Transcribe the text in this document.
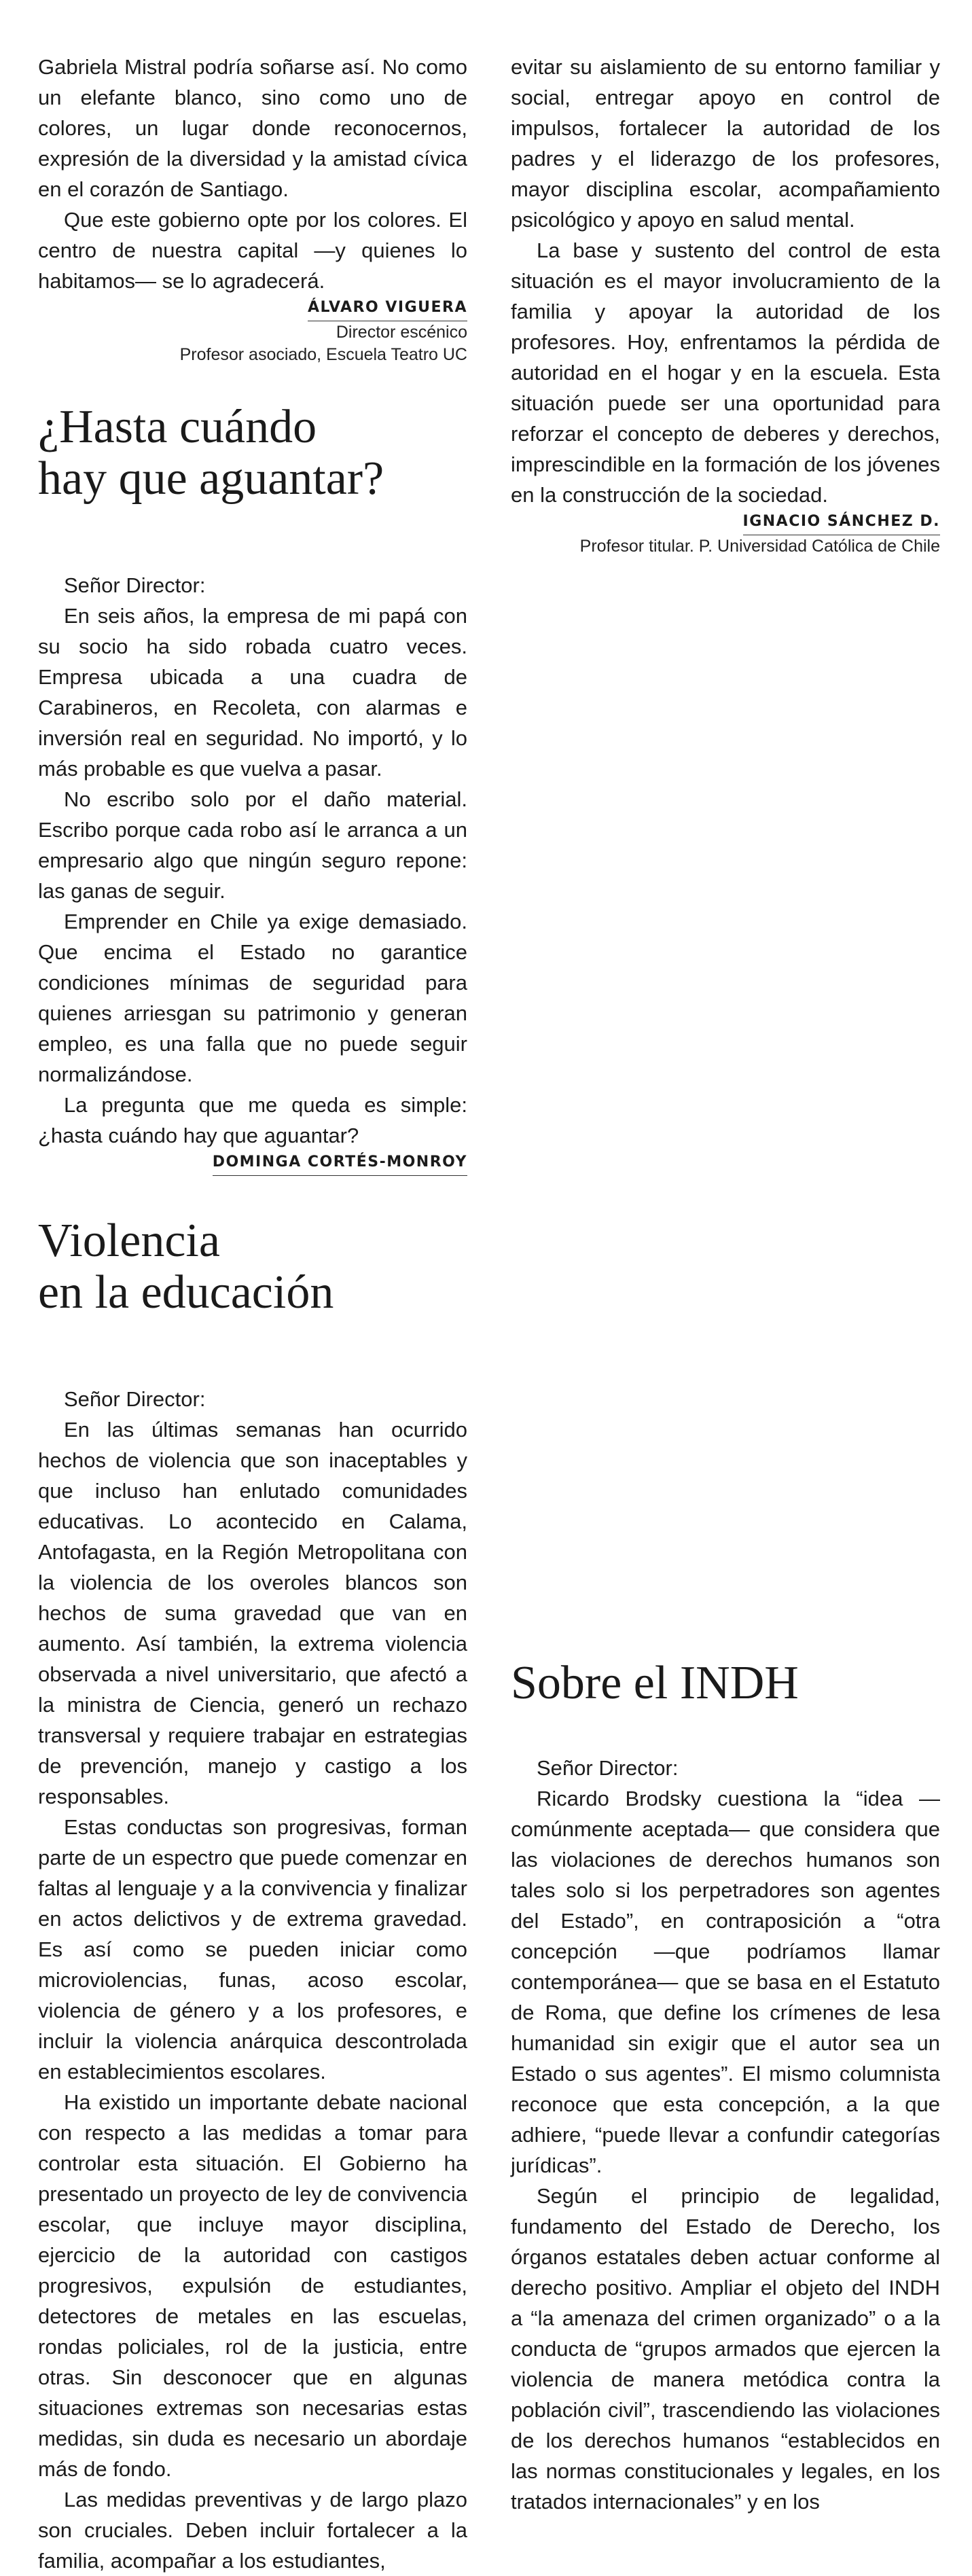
Gabriela Mistral podría soñarse así. No como un elefante blanco, sino como uno de colores, un lugar donde reconocernos, expresión de la diversidad y la amistad cívica en el corazón de Santiago.

Que este gobierno opte por los colores. El centro de nuestra capital —y quienes lo habitamos— se lo agradecerá.

ÁLVARO VIGUERA
Director escénico
Profesor asociado, Escuela Teatro UC
¿Hasta cuándo
hay que aguantar?

Señor Director:

En seis años, la empresa de mi papá con su socio ha sido robada cuatro veces. Empresa ubicada a una cuadra de Carabineros, en Recoleta, con alarmas e inversión real en seguridad. No importó, y lo más probable es que vuelva a pasar.

No escribo solo por el daño material. Escribo porque cada robo así le arranca a un empresario algo que ningún seguro repone: las ganas de seguir.

Emprender en Chile ya exige demasiado. Que encima el Estado no garantice condiciones mínimas de seguridad para quienes arriesgan su patrimonio y generan empleo, es una falla que no puede seguir normalizándose.

La pregunta que me queda es simple: ¿hasta cuándo hay que aguantar?

DOMINGA CORTÉS-MONROY
Violencia
en la educación

Señor Director:

En las últimas semanas han ocurrido hechos de violencia que son inaceptables y que incluso han enlutado comunidades educativas. Lo acontecido en Calama, Antofagasta, en la Región Metropolitana con la violencia de los overoles blancos son hechos de suma gravedad que van en aumento. Así también, la extrema violencia observada a nivel universitario, que afectó a la ministra de Ciencia, generó un rechazo transversal y requiere trabajar en estrategias de prevención, manejo y castigo a los responsables.

Estas conductas son progresivas, forman parte de un espectro que puede comenzar en faltas al lenguaje y a la convivencia y finalizar en actos delictivos y de extrema gravedad. Es así como se pueden iniciar como microviolencias, funas, acoso escolar, violencia de género y a los profesores, e incluir la violencia anárquica descontrolada en establecimientos escolares.

Ha existido un importante debate nacional con respecto a las medidas a tomar para controlar esta situación. El Gobierno ha presentado un proyecto de ley de convivencia escolar, que incluye mayor disciplina, ejercicio de la autoridad con castigos progresivos, expulsión de estudiantes, detectores de metales en las escuelas, rondas policiales, rol de la justicia, entre otras. Sin desconocer que en algunas situaciones extremas son necesarias estas medidas, sin duda es necesario un abordaje más de fondo.

Las medidas preventivas y de largo plazo son cruciales. Deben incluir fortalecer a la familia, acompañar a los estudiantes,

evitar su aislamiento de su entorno familiar y social, entregar apoyo en control de impulsos, fortalecer la autoridad de los padres y el liderazgo de los profesores, mayor disciplina escolar, acompañamiento psicológico y apoyo en salud mental.

La base y sustento del control de esta situación es el mayor involucramiento de la familia y apoyar la autoridad de los profesores. Hoy, enfrentamos la pérdida de autoridad en el hogar y en la escuela. Esta situación puede ser una oportunidad para reforzar el concepto de deberes y derechos, imprescindible en la formación de los jóvenes en la construcción de la sociedad.

IGNACIO SÁNCHEZ D.
Profesor titular. P. Universidad Católica de Chile
Sobre el INDH

Señor Director:

Ricardo Brodsky cuestiona la “idea —comúnmente aceptada— que considera que las violaciones de derechos humanos son tales solo si los perpetradores son agentes del Estado”, en contraposición a “otra concepción —que podríamos llamar contemporánea— que se basa en el Estatuto de Roma, que define los crímenes de lesa humanidad sin exigir que el autor sea un Estado o sus agentes”. El mismo columnista reconoce que esta concepción, a la que adhiere, “puede llevar a confundir categorías jurídicas”.

Según el principio de legalidad, fundamento del Estado de Derecho, los órganos estatales deben actuar conforme al derecho positivo. Ampliar el objeto del INDH a “la amenaza del crimen organizado” o a la conducta de “grupos armados que ejercen la violencia de manera metódica contra la población civil”, trascendiendo las violaciones de los derechos humanos “establecidos en las normas constitucionales y legales, en los tratados internacionales” y en los
